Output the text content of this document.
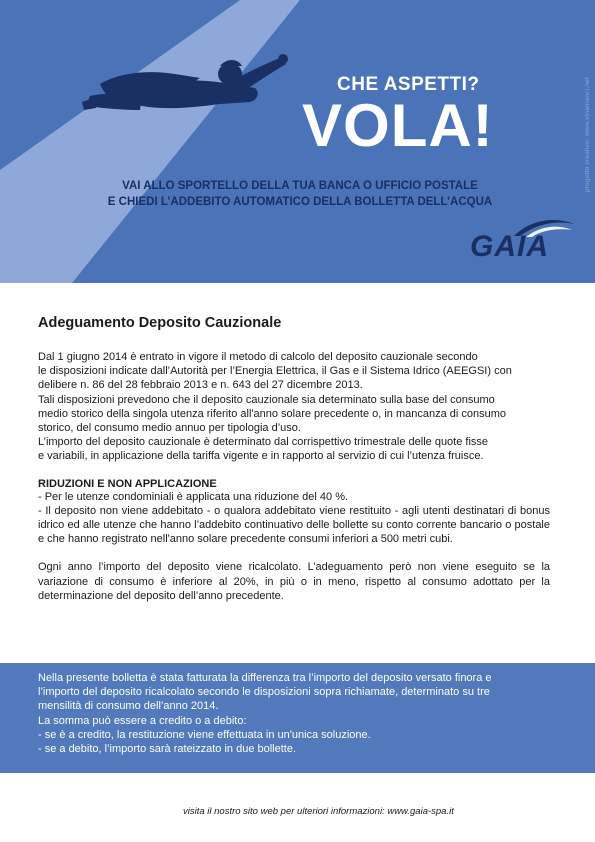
progetto creativo: www.vinamanci.net
CHE ASPETTI?
VOLA!
VAI ALLO SPORTELLO DELLA TUA BANCA O UFFICIO POSTALE
E CHIEDI L’ADDEBITO AUTOMATICO DELLA BOLLETTA DELL’ACQUA
GAIA
Adeguamento Deposito Cauzionale
Dal 1 giugno 2014 è entrato in vigore il metodo di calcolo del deposito cauzionale secondo
le disposizioni indicate dall’Autorità per l’Energia Elettrica, il Gas e il Sistema Idrico (AEEGSI) con
delibere n. 86 del 28 febbraio 2013 e n. 643 del 27 dicembre 2013.
Tali disposizioni prevedono che il deposito cauzionale sia determinato sulla base del consumo
medio storico della singola utenza riferito all'anno solare precedente o, in mancanza di consumo
storico, del consumo medio annuo per tipologia d’uso.
L’importo del deposito cauzionale è determinato dal corrispettivo trimestrale delle quote fisse
e variabili, in applicazione della tariffa vigente e in rapporto al servizio di cui l’utenza fruisce.
RIDUZIONI E NON APPLICAZIONE
- Per le utenze condominiali è applicata una riduzione del 40 %.
- Il deposito non viene addebitato - o qualora addebitato viene restituito - agli utenti destinatari di bonus idrico ed alle utenze che hanno l’addebito continuativo delle bollette su conto corrente bancario o postale e che hanno registrato nell'anno solare precedente consumi inferiori a 500 metri cubi.
Ogni anno l’importo del deposito viene ricalcolato. L’adeguamento però non viene eseguito se la variazione di consumo è inferiore al 20%, in più o in meno, rispetto al consumo adottato per la determinazione del deposito dell’anno precedente.
Nella presente bolletta è stata fatturata la differenza tra l’importo del deposito versato finora e
l’importo del deposito ricalcolato secondo le disposizioni sopra richiamate, determinato su tre
mensilità di consumo dell’anno 2014.
La somma può essere a credito o a debito:
- se è a credito, la restituzione viene effettuata in un'unica soluzione.
- se a debito, l’importo sarà rateizzato in due bollette.
visita il nostro sito web per ulteriori informazioni: www.gaia-spa.it
